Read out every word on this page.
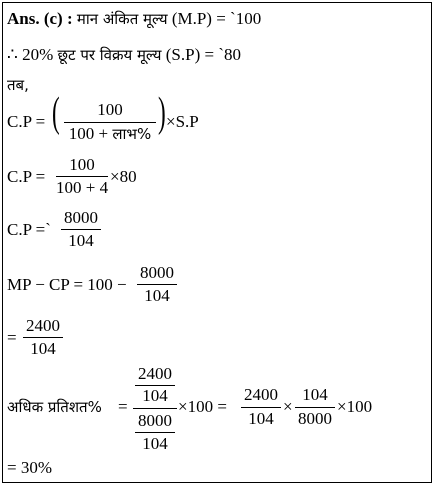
Ans. (c) : मान अंकित मूल्य (M.P) = `100
∴ 20% छूट पर विक्रय मूल्य (S.P) = `80
तब,
C.P = (	100
100 + लाभ% ) ×S.P
C.P =
100
100 + 4
×80
C.P =`
8000
104
MP − CP = 100 −
8000
104
=
2400
104
अधिक प्रतिशत% =
2400
104
8000
104
×100 =
2400
104
×
104
8000
×100
= 30%
